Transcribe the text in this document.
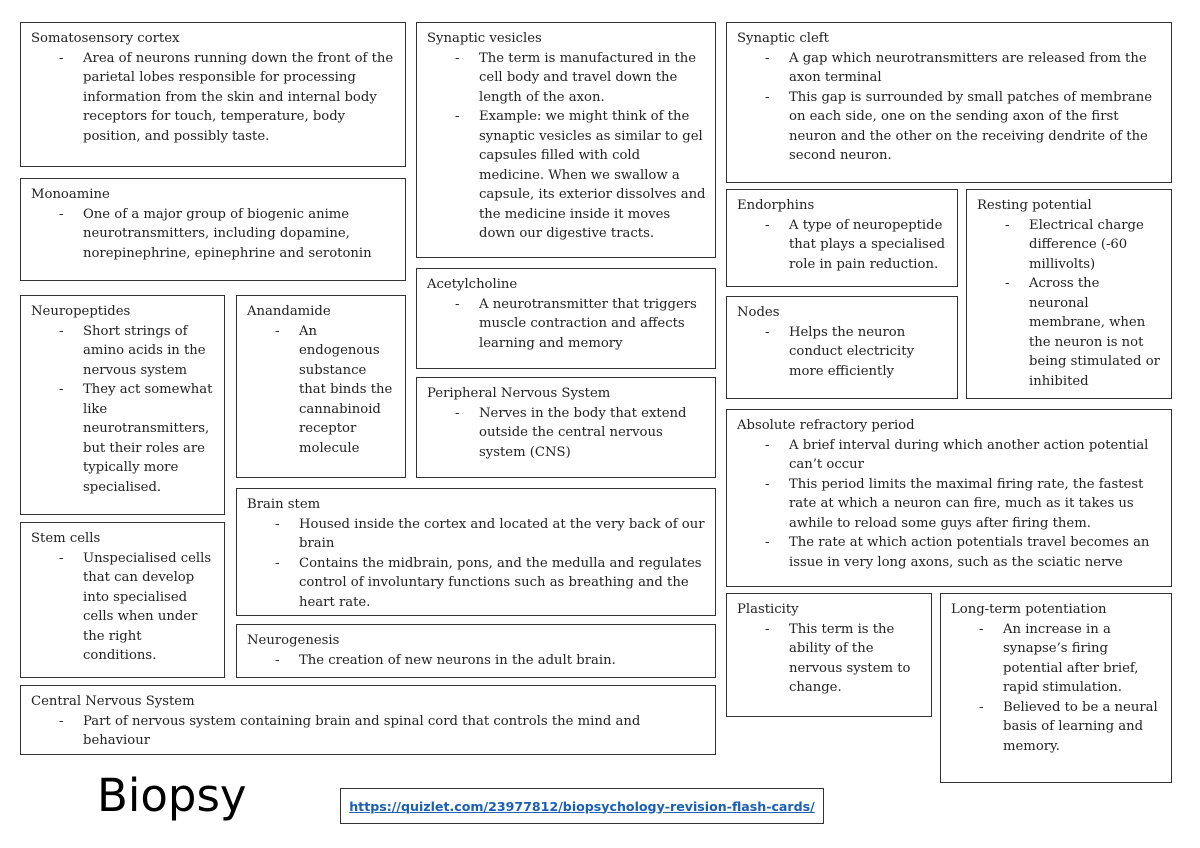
Somatosensory cortex
- Area of neurons running down the front of the parietal lobes responsible for processing information from the skin and internal body receptors for touch, temperature, body position, and possibly taste.
Monoamine
- One of a major group of biogenic anime neurotransmitters, including dopamine, norepinephrine, epinephrine and serotonin
Neuropeptides
- Short strings of amino acids in the nervous system
- They act somewhat like neurotransmitters, but their roles are typically more specialised.
Anandamide
- An endogenous substance that binds the cannabinoid receptor molecule
Stem cells
- Unspecialised cells that can develop into specialised cells when under the right conditions.
Synaptic vesicles
- The term is manufactured in the cell body and travel down the length of the axon.
- Example: we might think of the synaptic vesicles as similar to gel capsules filled with cold medicine. When we swallow a capsule, its exterior dissolves and the medicine inside it moves down our digestive tracts.
Acetylcholine
- A neurotransmitter that triggers muscle contraction and affects learning and memory
Peripheral Nervous System
- Nerves in the body that extend outside the central nervous system (CNS)
Brain stem
- Housed inside the cortex and located at the very back of our brain
- Contains the midbrain, pons, and the medulla and regulates control of involuntary functions such as breathing and the heart rate.
Neurogenesis
- The creation of new neurons in the adult brain.
Central Nervous System
- Part of nervous system containing brain and spinal cord that controls the mind and behaviour
Synaptic cleft
- A gap which neurotransmitters are released from the axon terminal
- This gap is surrounded by small patches of membrane on each side, one on the sending axon of the first neuron and the other on the receiving dendrite of the second neuron.
Endorphins
- A type of neuropeptide that plays a specialised role in pain reduction.
Resting potential
- Electrical charge difference (-60 millivolts)
- Across the neuronal membrane, when the neuron is not being stimulated or inhibited
Nodes
- Helps the neuron conduct electricity more efficiently
Absolute refractory period
- A brief interval during which another action potential can’t occur
- This period limits the maximal firing rate, the fastest rate at which a neuron can fire, much as it takes us awhile to reload some guys after firing them.
- The rate at which action potentials travel becomes an issue in very long axons, such as the sciatic nerve
Plasticity
- This term is the ability of the nervous system to change.
Long-term potentiation
- An increase in a synapse’s firing potential after brief, rapid stimulation.
- Believed to be a neural basis of learning and memory.
Biopsy	https://quizlet.com/23977812/biopsychology-revision-flash-cards/
